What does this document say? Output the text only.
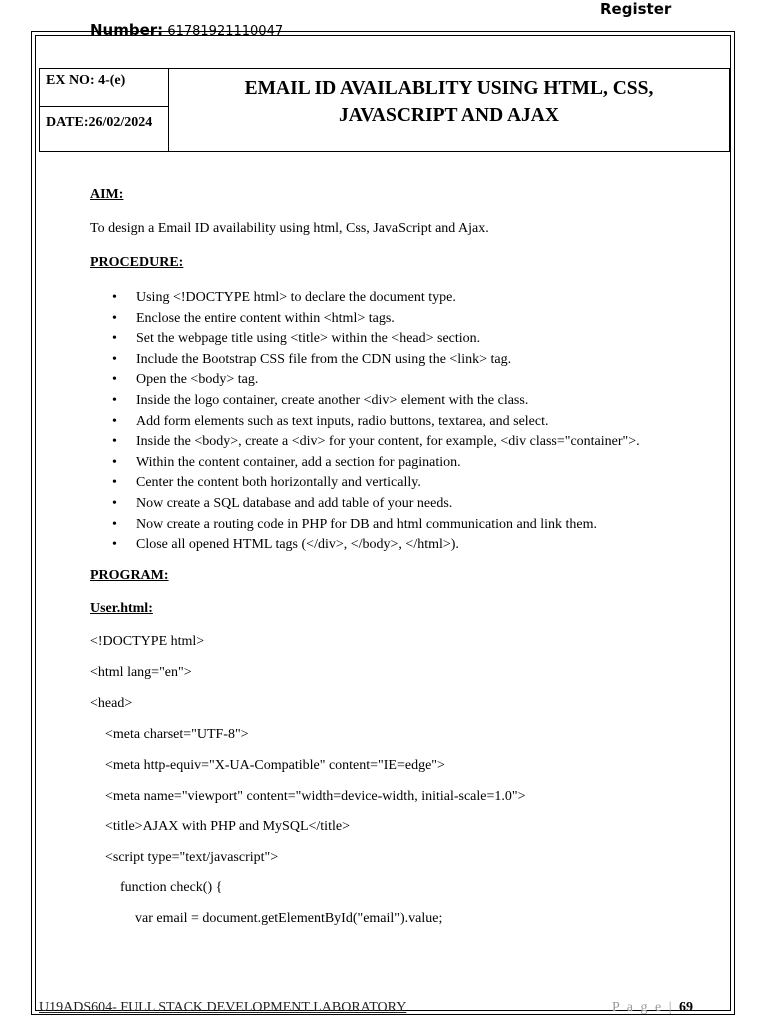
Register
Number: 61781921110047
EX NO: 4-(e)
DATE:26/02/2024
EMAIL ID AVAILABLITY USING HTML, CSS,
JAVASCRIPT AND AJAX
AIM:
To design a Email ID availability using html, Css, JavaScript and Ajax.
PROCEDURE:
• Using <!DOCTYPE html> to declare the document type.
• Enclose the entire content within <html> tags.
• Set the webpage title using <title> within the <head> section.
• Include the Bootstrap CSS file from the CDN using the <link> tag.
• Open the <body> tag.
• Inside the logo container, create another <div> element with the class.
• Add form elements such as text inputs, radio buttons, textarea, and select.
• Inside the <body>, create a <div> for your content, for example, <div class="container">.
• Within the content container, add a section for pagination.
• Center the content both horizontally and vertically.
• Now create a SQL database and add table of your needs.
• Now create a routing code in PHP for DB and html communication and link them.
• Close all opened HTML tags (</div>, </body>, </html>).
PROGRAM:
User.html:
<!DOCTYPE html>
<html lang="en">
<head>
<meta charset="UTF-8">
<meta http-equiv="X-UA-Compatible" content="IE=edge">
<meta name="viewport" content="width=device-width, initial-scale=1.0">
<title>AJAX with PHP and MySQL</title>
<script type="text/javascript">
function check() {
var email = document.getElementById("email").value;
U19ADS604- FULL STACK DEVELOPMENT LABORATORY	P a g e | 69
